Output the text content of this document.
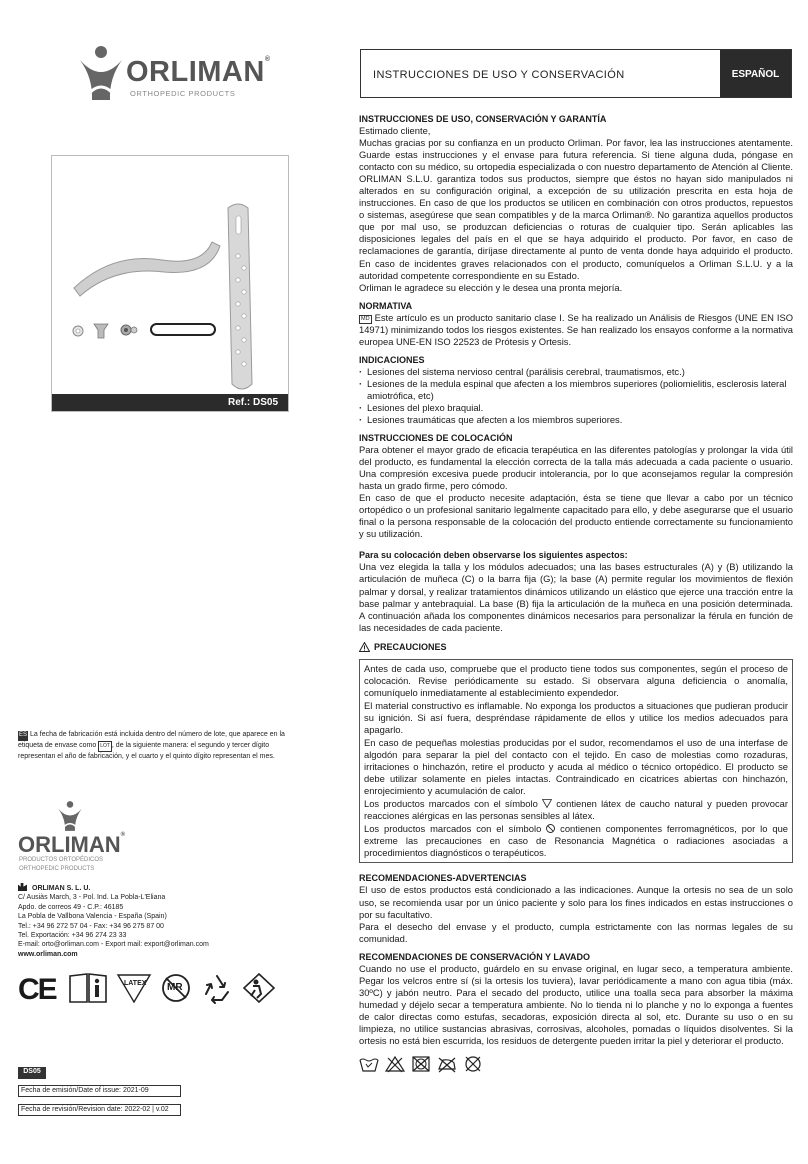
ORLIMAN®
ORTHOPEDIC PRODUCTS
Ref.: DS05
ES La fecha de fabricación está incluida dentro del número de lote, que aparece en la etiqueta de envase como LOT , de la siguiente manera: el segundo y tercer dígito representan el año de fabricación, y el cuarto y el quinto dígito representan el mes.
ORLIMAN®
PRODUCTOS ORTOPÉDICOS
ORTHOPEDIC PRODUCTS
ORLIMAN S. L. U.
C/ Ausiàs March, 3 - Pol. Ind. La Pobla-L'Eliana
Apdo. de correos 49 - C.P.: 46185
La Pobla de Vallbona Valencia - España (Spain)
Tel.: +34 96 272 57 04 - Fax: +34 96 275 87 00
Tel. Exportación: +34 96 274 23 33
E-mail: orto@orliman.com - Export mail: export@orliman.com
www.orliman.com
CE	LATEX MR
DS05
Fecha de emisión/Date of issue: 2021-09
Fecha de revisión/Revision date: 2022-02 | v.02
INSTRUCCIONES DE USO Y CONSERVACIÓN	ESPAÑOL
INSTRUCCIONES DE USO, CONSERVACIÓN Y GARANTÍA

Estimado cliente,

Muchas gracias por su confianza en un producto Orliman. Por favor, lea las instrucciones atentamente. Guarde estas instrucciones y el envase para futura referencia. Si tiene alguna duda, póngase en contacto con su médico, su ortopedia especializada o con nuestro departamento de Atención al Cliente. ORLIMAN S.L.U. garantiza todos sus productos, siempre que éstos no hayan sido manipulados ni alterados en su configuración original, a excepción de su utilización prescrita en esta hoja de instrucciones. En caso de que los productos se utilicen en combinación con otros productos, repuestos o sistemas, asegúrese que sean compatibles y de la marca Orliman®. No garantiza aquellos productos que por mal uso, se produzcan deficiencias o roturas de cualquier tipo. Serán aplicables las disposiciones legales del país en el que se haya adquirido el producto. Por favor, en caso de reclamaciones de garantía, diríjase directamente al punto de venta donde haya adquirido el producto. En caso de incidentes graves relacionados con el producto, comuníquelos a Orliman S.L.U. y a la autoridad competente correspondiente en su Estado.

Orliman le agradece su elección y le desea una pronta mejoría.

NORMATIVA

MD Este artículo es un producto sanitario clase I. Se ha realizado un Análisis de Riesgos (UNE EN ISO 14971) minimizando todos los riesgos existentes. Se han realizado los ensayos conforme a la normativa europea UNE-EN ISO 22523 de Prótesis y Ortesis.

INDICACIONES
· Lesiones del sistema nervioso central (parálisis cerebral, traumatismos, etc.)
· Lesiones de la medula espinal que afecten a los miembros superiores (poliomielitis, esclerosis lateral amiotrófica, etc)
· Lesiones del plexo braquial.
· Lesiones traumáticas que afecten a los miembros superiores.
INSTRUCCIONES DE COLOCACIÓN

Para obtener el mayor grado de eficacia terapéutica en las diferentes patologías y prolongar la vida útil del producto, es fundamental la elección correcta de la talla más adecuada a cada paciente o usuario. Una compresión excesiva puede producir intolerancia, por lo que aconsejamos regular la compresión hasta un grado firme, pero cómodo.

En caso de que el producto necesite adaptación, ésta se tiene que llevar a cabo por un técnico ortopédico o un profesional sanitario legalmente capacitado para ello, y debe asegurarse que el usuario final o la persona responsable de la colocación del producto entiende correctamente su funcionamiento y su utilización.

Para su colocación deben observarse los siguientes aspectos:

Una vez elegida la talla y los módulos adecuados; una las bases estructurales (A) y (B) utilizando la articulación de muñeca (C) o la barra fija (G); la base (A) permite regular los movimientos de flexión palmar y dorsal, y realizar tratamientos dinámicos utilizando un elástico que ejerce una tracción entre la base palmar y antebraquial. La base (B) fija la articulación de la muñeca en una posición determinada. A continuación añada los componentes dinámicos necesarios para personalizar la férula en función de las necesidades de cada paciente.

PRECAUCIONES

Antes de cada uso, compruebe que el producto tiene todos sus componentes, según el proceso de colocación. Revise periódicamente su estado. Si observara alguna deficiencia o anomalía, comuníquelo inmediatamente al establecimiento expendedor.

El material constructivo es inflamable. No exponga los productos a situaciones que pudieran producir su ignición. Si así fuera, despréndase rápidamente de ellos y utilice los medios adecuados para apagarlo.

En caso de pequeñas molestias producidas por el sudor, recomendamos el uso de una interfase de algodón para separar la piel del contacto con el tejido. En caso de molestias como rozaduras, irritaciones o hinchazón, retire el producto y acuda al médico o técnico ortopédico. El producto se debe utilizar solamente en pieles intactas. Contraindicado en cicatrices abiertas con hinchazón, enrojecimiento y acumulación de calor.

Los productos marcados con el símbolo contienen látex de caucho natural y pueden provocar reacciones alérgicas en las personas sensibles al látex.

Los productos marcados con el símbolo contienen componentes ferromagnéticos, por lo que extreme las precauciones en caso de Resonancia Magnética o radiaciones asociadas a procedimientos diagnósticos o terapéuticos.

RECOMENDACIONES-ADVERTENCIAS

El uso de estos productos está condicionado a las indicaciones. Aunque la ortesis no sea de un solo uso, se recomienda usar por un único paciente y solo para los fines indicados en estas instrucciones o por su facultativo.

Para el desecho del envase y el producto, cumpla estrictamente con las normas legales de su comunidad.

RECOMENDACIONES DE CONSERVACIÓN Y LAVADO

Cuando no use el producto, guárdelo en su envase original, en lugar seco, a temperatura ambiente. Pegar los velcros entre sí (si la ortesis los tuviera), lavar periódicamente a mano con agua tibia (máx. 30ºC) y jabón neutro. Para el secado del producto, utilice una toalla seca para absorber la máxima humedad y déjelo secar a temperatura ambiente. No lo tienda ni lo planche y no lo exponga a fuentes de calor directas como estufas, secadoras, exposición directa al sol, etc. Durante su uso o en su limpieza, no utilice sustancias abrasivas, corrosivas, alcoholes, pomadas o líquidos disolventes. Si la ortesis no está bien escurrida, los residuos de detergente pueden irritar la piel y deteriorar el producto.
